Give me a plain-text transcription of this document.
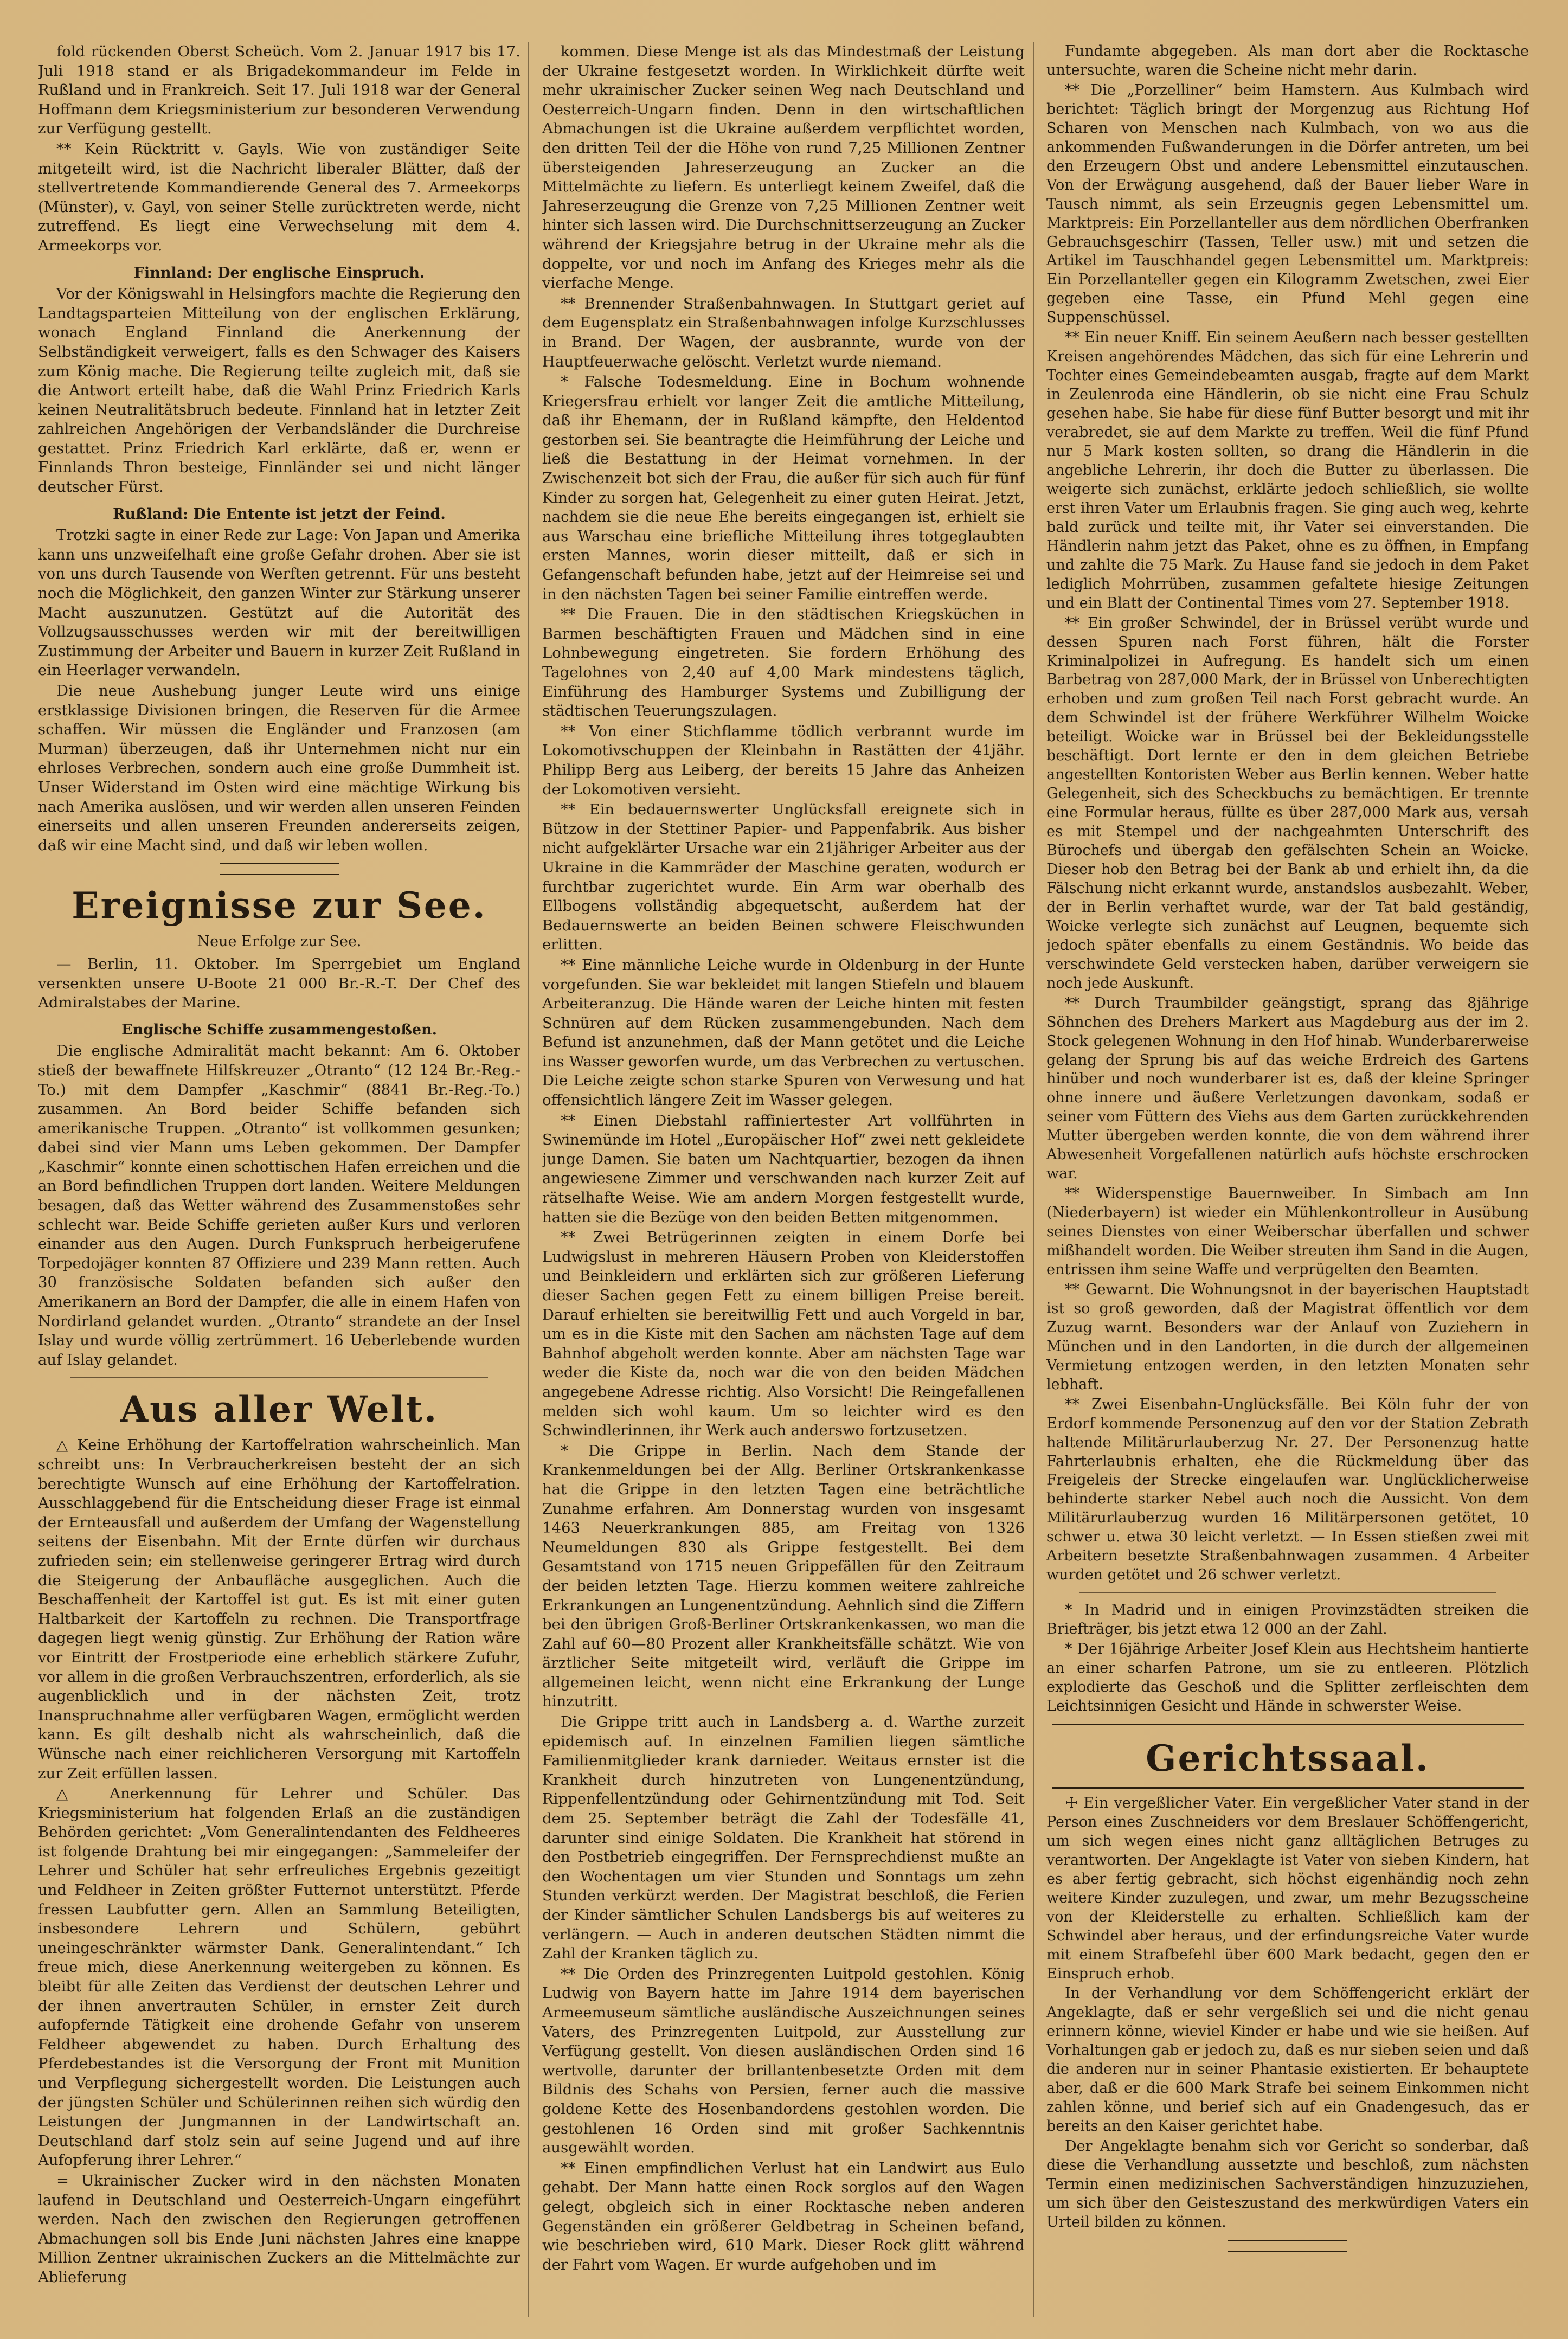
fold rückenden Oberst Scheüch. Vom 2. Januar 1917 bis 17. Juli 1918 stand er als Brigadekommandeur im Felde in Rußland und in Frankreich. Seit 17. Juli 1918 war der General Hoffmann dem Kriegsministerium zur besonderen Verwendung zur Verfügung gestellt.

** Kein Rücktritt v. Gayls. Wie von zuständiger Seite mitgeteilt wird, ist die Nachricht liberaler Blätter, daß der stellvertretende Kommandierende General des 7. Armeekorps (Münster), v. Gayl, von seiner Stelle zurücktreten werde, nicht zutreffend. Es liegt eine Verwechselung mit dem 4. Armeekorps vor.

Finnland: Der englische Einspruch.

Vor der Königswahl in Helsingfors machte die Regierung den Landtagsparteien Mitteilung von der englischen Erklärung, wonach England Finnland die Anerkennung der Selbständigkeit verweigert, falls es den Schwager des Kaisers zum König mache. Die Regierung teilte zugleich mit, daß sie die Antwort erteilt habe, daß die Wahl Prinz Friedrich Karls keinen Neutralitätsbruch bedeute. Finnland hat in letzter Zeit zahlreichen Angehörigen der Verbandsländer die Durchreise gestattet. Prinz Friedrich Karl erklärte, daß er, wenn er Finnlands Thron besteige, Finnländer sei und nicht länger deutscher Fürst.

Rußland: Die Entente ist jetzt der Feind.

Trotzki sagte in einer Rede zur Lage: Von Japan und Amerika kann uns unzweifelhaft eine große Gefahr drohen. Aber sie ist von uns durch Tausende von Werften getrennt. Für uns besteht noch die Möglichkeit, den ganzen Winter zur Stärkung unserer Macht auszunutzen. Gestützt auf die Autorität des Vollzugsausschusses werden wir mit der bereitwilligen Zustimmung der Arbeiter und Bauern in kurzer Zeit Rußland in ein Heerlager verwandeln.

Die neue Aushebung junger Leute wird uns einige erstklassige Divisionen bringen, die Reserven für die Armee schaffen. Wir müssen die Engländer und Franzosen (am Murman) überzeugen, daß ihr Unternehmen nicht nur ein ehrloses Verbrechen, sondern auch eine große Dummheit ist. Unser Widerstand im Osten wird eine mächtige Wirkung bis nach Amerika auslösen, und wir werden allen unseren Feinden einerseits und allen unseren Freunden andererseits zeigen, daß wir eine Macht sind, und daß wir leben wollen.

Ereignisse zur See.
Neue Erfolge zur See.

— Berlin, 11. Oktober. Im Sperrgebiet um England versenkten unsere U-Boote 21 000 Br.-R.-T. Der Chef des Admiralstabes der Marine.

Englische Schiffe zusammengestoßen.

Die englische Admiralität macht bekannt: Am 6. Oktober stieß der bewaffnete Hilfskreuzer „Otranto“ (12 124 Br.-Reg.-To.) mit dem Dampfer „Kaschmir“ (8841 Br.-Reg.-To.) zusammen. An Bord beider Schiffe befanden sich amerikanische Truppen. „Otranto“ ist vollkommen gesunken; dabei sind vier Mann ums Leben gekommen. Der Dampfer „Kaschmir“ konnte einen schottischen Hafen erreichen und die an Bord befindlichen Truppen dort landen. Weitere Meldungen besagen, daß das Wetter während des Zusammenstoßes sehr schlecht war. Beide Schiffe gerieten außer Kurs und verloren einander aus den Augen. Durch Funkspruch herbeigerufene Torpedojäger konnten 87 Offiziere und 239 Mann retten. Auch 30 französische Soldaten befanden sich außer den Amerikanern an Bord der Dampfer, die alle in einem Hafen von Nordirland gelandet wurden. „Otranto“ strandete an der Insel Islay und wurde völlig zertrümmert. 16 Ueberlebende wurden auf Islay gelandet.

Aus aller Welt.

△ Keine Erhöhung der Kartoffelration wahrscheinlich. Man schreibt uns: In Verbraucherkreisen besteht der an sich berechtigte Wunsch auf eine Erhöhung der Kartoffelration. Ausschlaggebend für die Entscheidung dieser Frage ist einmal der Ernteausfall und außerdem der Umfang der Wagenstellung seitens der Eisenbahn. Mit der Ernte dürfen wir durchaus zufrieden sein; ein stellenweise geringerer Ertrag wird durch die Steigerung der Anbaufläche ausgeglichen. Auch die Beschaffenheit der Kartoffel ist gut. Es ist mit einer guten Haltbarkeit der Kartoffeln zu rechnen. Die Transportfrage dagegen liegt wenig günstig. Zur Erhöhung der Ration wäre vor Eintritt der Frostperiode eine erheblich stärkere Zufuhr, vor allem in die großen Verbrauchszentren, erforderlich, als sie augenblicklich und in der nächsten Zeit, trotz Inanspruchnahme aller verfügbaren Wagen, ermöglicht werden kann. Es gilt deshalb nicht als wahrscheinlich, daß die Wünsche nach einer reichlicheren Versorgung mit Kartoffeln zur Zeit erfüllen lassen.

△ Anerkennung für Lehrer und Schüler. Das Kriegsministerium hat folgenden Erlaß an die zuständigen Behörden gerichtet: „Vom Generalintendanten des Feldheeres ist folgende Drahtung bei mir eingegangen: „Sammeleifer der Lehrer und Schüler hat sehr erfreuliches Ergebnis gezeitigt und Feldheer in Zeiten größter Futternot unterstützt. Pferde fressen Laubfutter gern. Allen an Sammlung Beteiligten, insbesondere Lehrern und Schülern, gebührt uneingeschränkter wärmster Dank. Generalintendant.“ Ich freue mich, diese Anerkennung weitergeben zu können. Es bleibt für alle Zeiten das Verdienst der deutschen Lehrer und der ihnen anvertrauten Schüler, in ernster Zeit durch aufopfernde Tätigkeit eine drohende Gefahr von unserem Feldheer abgewendet zu haben. Durch Erhaltung des Pferdebestandes ist die Versorgung der Front mit Munition und Verpflegung sichergestellt worden. Die Leistungen auch der jüngsten Schüler und Schülerinnen reihen sich würdig den Leistungen der Jungmannen in der Landwirtschaft an. Deutschland darf stolz sein auf seine Jugend und auf ihre Aufopferung ihrer Lehrer.“

= Ukrainischer Zucker wird in den nächsten Monaten laufend in Deutschland und Oesterreich-Ungarn eingeführt werden. Nach den zwischen den Regierungen getroffenen Abmachungen soll bis Ende Juni nächsten Jahres eine knappe Million Zentner ukrainischen Zuckers an die Mittelmächte zur Ablieferung

kommen. Diese Menge ist als das Mindestmaß der Leistung der Ukraine festgesetzt worden. In Wirklichkeit dürfte weit mehr ukrainischer Zucker seinen Weg nach Deutschland und Oesterreich-Ungarn finden. Denn in den wirtschaftlichen Abmachungen ist die Ukraine außerdem verpflichtet worden, den dritten Teil der die Höhe von rund 7,25 Millionen Zentner übersteigenden Jahreserzeugung an Zucker an die Mittelmächte zu liefern. Es unterliegt keinem Zweifel, daß die Jahreserzeugung die Grenze von 7,25 Millionen Zentner weit hinter sich lassen wird. Die Durchschnittserzeugung an Zucker während der Kriegsjahre betrug in der Ukraine mehr als die doppelte, vor und noch im Anfang des Krieges mehr als die vierfache Menge.

** Brennender Straßenbahnwagen. In Stuttgart geriet auf dem Eugensplatz ein Straßenbahnwagen infolge Kurzschlusses in Brand. Der Wagen, der ausbrannte, wurde von der Hauptfeuerwache gelöscht. Verletzt wurde niemand.

* Falsche Todesmeldung. Eine in Bochum wohnende Kriegersfrau erhielt vor langer Zeit die amtliche Mitteilung, daß ihr Ehemann, der in Rußland kämpfte, den Heldentod gestorben sei. Sie beantragte die Heimführung der Leiche und ließ die Bestattung in der Heimat vornehmen. In der Zwischenzeit bot sich der Frau, die außer für sich auch für fünf Kinder zu sorgen hat, Gelegenheit zu einer guten Heirat. Jetzt, nachdem sie die neue Ehe bereits eingegangen ist, erhielt sie aus Warschau eine briefliche Mitteilung ihres totgeglaubten ersten Mannes, worin dieser mitteilt, daß er sich in Gefangenschaft befunden habe, jetzt auf der Heimreise sei und in den nächsten Tagen bei seiner Familie eintreffen werde.

** Die Frauen. Die in den städtischen Kriegsküchen in Barmen beschäftigten Frauen und Mädchen sind in eine Lohnbewegung eingetreten. Sie fordern Erhöhung des Tagelohnes von 2,40 auf 4,00 Mark mindestens täglich, Einführung des Hamburger Systems und Zubilligung der städtischen Teuerungszulagen.

** Von einer Stichflamme tödlich verbrannt wurde im Lokomotivschuppen der Kleinbahn in Rastätten der 41jähr. Philipp Berg aus Leiberg, der bereits 15 Jahre das Anheizen der Lokomotiven versieht.

** Ein bedauernswerter Unglücksfall ereignete sich in Bützow in der Stettiner Papier- und Pappenfabrik. Aus bisher nicht aufgeklärter Ursache war ein 21jähriger Arbeiter aus der Ukraine in die Kammräder der Maschine geraten, wodurch er furchtbar zugerichtet wurde. Ein Arm war oberhalb des Ellbogens vollständig abgequetscht, außerdem hat der Bedauernswerte an beiden Beinen schwere Fleischwunden erlitten.

** Eine männliche Leiche wurde in Oldenburg in der Hunte vorgefunden. Sie war bekleidet mit langen Stiefeln und blauem Arbeiteranzug. Die Hände waren der Leiche hinten mit festen Schnüren auf dem Rücken zusammengebunden. Nach dem Befund ist anzunehmen, daß der Mann getötet und die Leiche ins Wasser geworfen wurde, um das Verbrechen zu vertuschen. Die Leiche zeigte schon starke Spuren von Verwesung und hat offensichtlich längere Zeit im Wasser gelegen.

** Einen Diebstahl raffiniertester Art vollführten in Swinemünde im Hotel „Europäischer Hof“ zwei nett gekleidete junge Damen. Sie baten um Nachtquartier, bezogen da ihnen angewiesene Zimmer und verschwanden nach kurzer Zeit auf rätselhafte Weise. Wie am andern Morgen festgestellt wurde, hatten sie die Bezüge von den beiden Betten mitgenommen.

** Zwei Betrügerinnen zeigten in einem Dorfe bei Ludwigslust in mehreren Häusern Proben von Kleiderstoffen und Beinkleidern und erklärten sich zur größeren Lieferung dieser Sachen gegen Fett zu einem billigen Preise bereit. Darauf erhielten sie bereitwillig Fett und auch Vorgeld in bar, um es in die Kiste mit den Sachen am nächsten Tage auf dem Bahnhof abgeholt werden konnte. Aber am nächsten Tage war weder die Kiste da, noch war die von den beiden Mädchen angegebene Adresse richtig. Also Vorsicht! Die Reingefallenen melden sich wohl kaum. Um so leichter wird es den Schwindlerinnen, ihr Werk auch anderswo fortzusetzen.

* Die Grippe in Berlin. Nach dem Stande der Krankenmeldungen bei der Allg. Berliner Ortskrankenkasse hat die Grippe in den letzten Tagen eine beträchtliche Zunahme erfahren. Am Donnerstag wurden von insgesamt 1463 Neuerkrankungen 885, am Freitag von 1326 Neumeldungen 830 als Grippe festgestellt. Bei dem Gesamtstand von 1715 neuen Grippefällen für den Zeitraum der beiden letzten Tage. Hierzu kommen weitere zahlreiche Erkrankungen an Lungenentzündung. Aehnlich sind die Ziffern bei den übrigen Groß-Berliner Ortskrankenkassen, wo man die Zahl auf 60—80 Prozent aller Krankheitsfälle schätzt. Wie von ärztlicher Seite mitgeteilt wird, verläuft die Grippe im allgemeinen leicht, wenn nicht eine Erkrankung der Lunge hinzutritt.

Die Grippe tritt auch in Landsberg a. d. Warthe zurzeit epidemisch auf. In einzelnen Familien liegen sämtliche Familienmitglieder krank darnieder. Weitaus ernster ist die Krankheit durch hinzutreten von Lungenentzündung, Rippenfellentzündung oder Gehirnentzündung mit Tod. Seit dem 25. September beträgt die Zahl der Todesfälle 41, darunter sind einige Soldaten. Die Krankheit hat störend in den Postbetrieb eingegriffen. Der Fernsprechdienst mußte an den Wochentagen um vier Stunden und Sonntags um zehn Stunden verkürzt werden. Der Magistrat beschloß, die Ferien der Kinder sämtlicher Schulen Landsbergs bis auf weiteres zu verlängern. — Auch in anderen deutschen Städten nimmt die Zahl der Kranken täglich zu.

** Die Orden des Prinzregenten Luitpold gestohlen. König Ludwig von Bayern hatte im Jahre 1914 dem bayerischen Armeemuseum sämtliche ausländische Auszeichnungen seines Vaters, des Prinzregenten Luitpold, zur Ausstellung zur Verfügung gestellt. Von diesen ausländischen Orden sind 16 wertvolle, darunter der brillantenbesetzte Orden mit dem Bildnis des Schahs von Persien, ferner auch die massive goldene Kette des Hosenbandordens gestohlen worden. Die gestohlenen 16 Orden sind mit großer Sachkenntnis ausgewählt worden.

** Einen empfindlichen Verlust hat ein Landwirt aus Eulo gehabt. Der Mann hatte einen Rock sorglos auf den Wagen gelegt, obgleich sich in einer Rocktasche neben anderen Gegenständen ein größerer Geldbetrag in Scheinen befand, wie beschrieben wird, 610 Mark. Dieser Rock glitt während der Fahrt vom Wagen. Er wurde aufgehoben und im

Fundamte abgegeben. Als man dort aber die Rocktasche untersuchte, waren die Scheine nicht mehr darin.

** Die „Porzelliner“ beim Hamstern. Aus Kulmbach wird berichtet: Täglich bringt der Morgenzug aus Richtung Hof Scharen von Menschen nach Kulmbach, von wo aus die ankommenden Fußwanderungen in die Dörfer antreten, um bei den Erzeugern Obst und andere Lebensmittel einzutauschen. Von der Erwägung ausgehend, daß der Bauer lieber Ware in Tausch nimmt, als sein Erzeugnis gegen Lebensmittel um. Marktpreis: Ein Porzellanteller aus dem nördlichen Oberfranken Gebrauchsgeschirr (Tassen, Teller usw.) mit und setzen die Artikel im Tauschhandel gegen Lebensmittel um. Marktpreis: Ein Porzellanteller gegen ein Kilogramm Zwetschen, zwei Eier gegeben eine Tasse, ein Pfund Mehl gegen eine Suppenschüssel.

** Ein neuer Kniff. Ein seinem Aeußern nach besser gestellten Kreisen angehörendes Mädchen, das sich für eine Lehrerin und Tochter eines Gemeindebeamten ausgab, fragte auf dem Markt in Zeulenroda eine Händlerin, ob sie nicht eine Frau Schulz gesehen habe. Sie habe für diese fünf Butter besorgt und mit ihr verabredet, sie auf dem Markte zu treffen. Weil die fünf Pfund nur 5 Mark kosten sollten, so drang die Händlerin in die angebliche Lehrerin, ihr doch die Butter zu überlassen. Die weigerte sich zunächst, erklärte jedoch schließlich, sie wollte erst ihren Vater um Erlaubnis fragen. Sie ging auch weg, kehrte bald zurück und teilte mit, ihr Vater sei einverstanden. Die Händlerin nahm jetzt das Paket, ohne es zu öffnen, in Empfang und zahlte die 75 Mark. Zu Hause fand sie jedoch in dem Paket lediglich Mohrrüben, zusammen gefaltete hiesige Zeitungen und ein Blatt der Continental Times vom 27. September 1918.

** Ein großer Schwindel, der in Brüssel verübt wurde und dessen Spuren nach Forst führen, hält die Forster Kriminalpolizei in Aufregung. Es handelt sich um einen Barbetrag von 287,000 Mark, der in Brüssel von Unberechtigten erhoben und zum großen Teil nach Forst gebracht wurde. An dem Schwindel ist der frühere Werkführer Wilhelm Woicke beteiligt. Woicke war in Brüssel bei der Bekleidungsstelle beschäftigt. Dort lernte er den in dem gleichen Betriebe angestellten Kontoristen Weber aus Berlin kennen. Weber hatte Gelegenheit, sich des Scheckbuchs zu bemächtigen. Er trennte eine Formular heraus, füllte es über 287,000 Mark aus, versah es mit Stempel und der nachgeahmten Unterschrift des Bürochefs und übergab den gefälschten Schein an Woicke. Dieser hob den Betrag bei der Bank ab und erhielt ihn, da die Fälschung nicht erkannt wurde, anstandslos ausbezahlt. Weber, der in Berlin verhaftet wurde, war der Tat bald geständig, Woicke verlegte sich zunächst auf Leugnen, bequemte sich jedoch später ebenfalls zu einem Geständnis. Wo beide das verschwindete Geld verstecken haben, darüber verweigern sie noch jede Auskunft.

** Durch Traumbilder geängstigt, sprang das 8jährige Söhnchen des Drehers Markert aus Magdeburg aus der im 2. Stock gelegenen Wohnung in den Hof hinab. Wunderbarerweise gelang der Sprung bis auf das weiche Erdreich des Gartens hinüber und noch wunderbarer ist es, daß der kleine Springer ohne innere und äußere Verletzungen davonkam, sodaß er seiner vom Füttern des Viehs aus dem Garten zurückkehrenden Mutter übergeben werden konnte, die von dem während ihrer Abwesenheit Vorgefallenen natürlich aufs höchste erschrocken war.

** Widerspenstige Bauernweiber. In Simbach am Inn (Niederbayern) ist wieder ein Mühlenkontrolleur in Ausübung seines Dienstes von einer Weiberschar überfallen und schwer mißhandelt worden. Die Weiber streuten ihm Sand in die Augen, entrissen ihm seine Waffe und verprügelten den Beamten.

** Gewarnt. Die Wohnungsnot in der bayerischen Hauptstadt ist so groß geworden, daß der Magistrat öffentlich vor dem Zuzug warnt. Besonders war der Anlauf von Zuziehern in München und in den Landorten, in die durch der allgemeinen Vermietung entzogen werden, in den letzten Monaten sehr lebhaft.

** Zwei Eisenbahn-Unglücksfälle. Bei Köln fuhr der von Erdorf kommende Personenzug auf den vor der Station Zebrath haltende Militärurlauberzug Nr. 27. Der Personenzug hatte Fahrterlaubnis erhalten, ehe die Rückmeldung über das Freigeleis der Strecke eingelaufen war. Unglücklicherweise behinderte starker Nebel auch noch die Aussicht. Von dem Militärurlauberzug wurden 16 Militärpersonen getötet, 10 schwer u. etwa 30 leicht verletzt. — In Essen stießen zwei mit Arbeitern besetzte Straßenbahnwagen zusammen. 4 Arbeiter wurden getötet und 26 schwer verletzt.

* In Madrid und in einigen Provinzstädten streiken die Briefträger, bis jetzt etwa 12 000 an der Zahl.

* Der 16jährige Arbeiter Josef Klein aus Hechtsheim hantierte an einer scharfen Patrone, um sie zu entleeren. Plötzlich explodierte das Geschoß und die Splitter zerfleischten dem Leichtsinnigen Gesicht und Hände in schwerster Weise.

Gerichtssaal.

☩ Ein vergeßlicher Vater. Ein vergeßlicher Vater stand in der Person eines Zuschneiders vor dem Breslauer Schöffengericht, um sich wegen eines nicht ganz alltäglichen Betruges zu verantworten. Der Angeklagte ist Vater von sieben Kindern, hat es aber fertig gebracht, sich höchst eigenhändig noch zehn weitere Kinder zuzulegen, und zwar, um mehr Bezugsscheine von der Kleiderstelle zu erhalten. Schließlich kam der Schwindel aber heraus, und der erfindungsreiche Vater wurde mit einem Strafbefehl über 600 Mark bedacht, gegen den er Einspruch erhob.

In der Verhandlung vor dem Schöffengericht erklärt der Angeklagte, daß er sehr vergeßlich sei und die nicht genau erinnern könne, wieviel Kinder er habe und wie sie heißen. Auf Vorhaltungen gab er jedoch zu, daß es nur sieben seien und daß die anderen nur in seiner Phantasie existierten. Er behauptete aber, daß er die 600 Mark Strafe bei seinem Einkommen nicht zahlen könne, und berief sich auf ein Gnadengesuch, das er bereits an den Kaiser gerichtet habe.

Der Angeklagte benahm sich vor Gericht so sonderbar, daß diese die Verhandlung aussetzte und beschloß, zum nächsten Termin einen medizinischen Sachverständigen hinzuzuziehen, um sich über den Geisteszustand des merkwürdigen Vaters ein Urteil bilden zu können.
